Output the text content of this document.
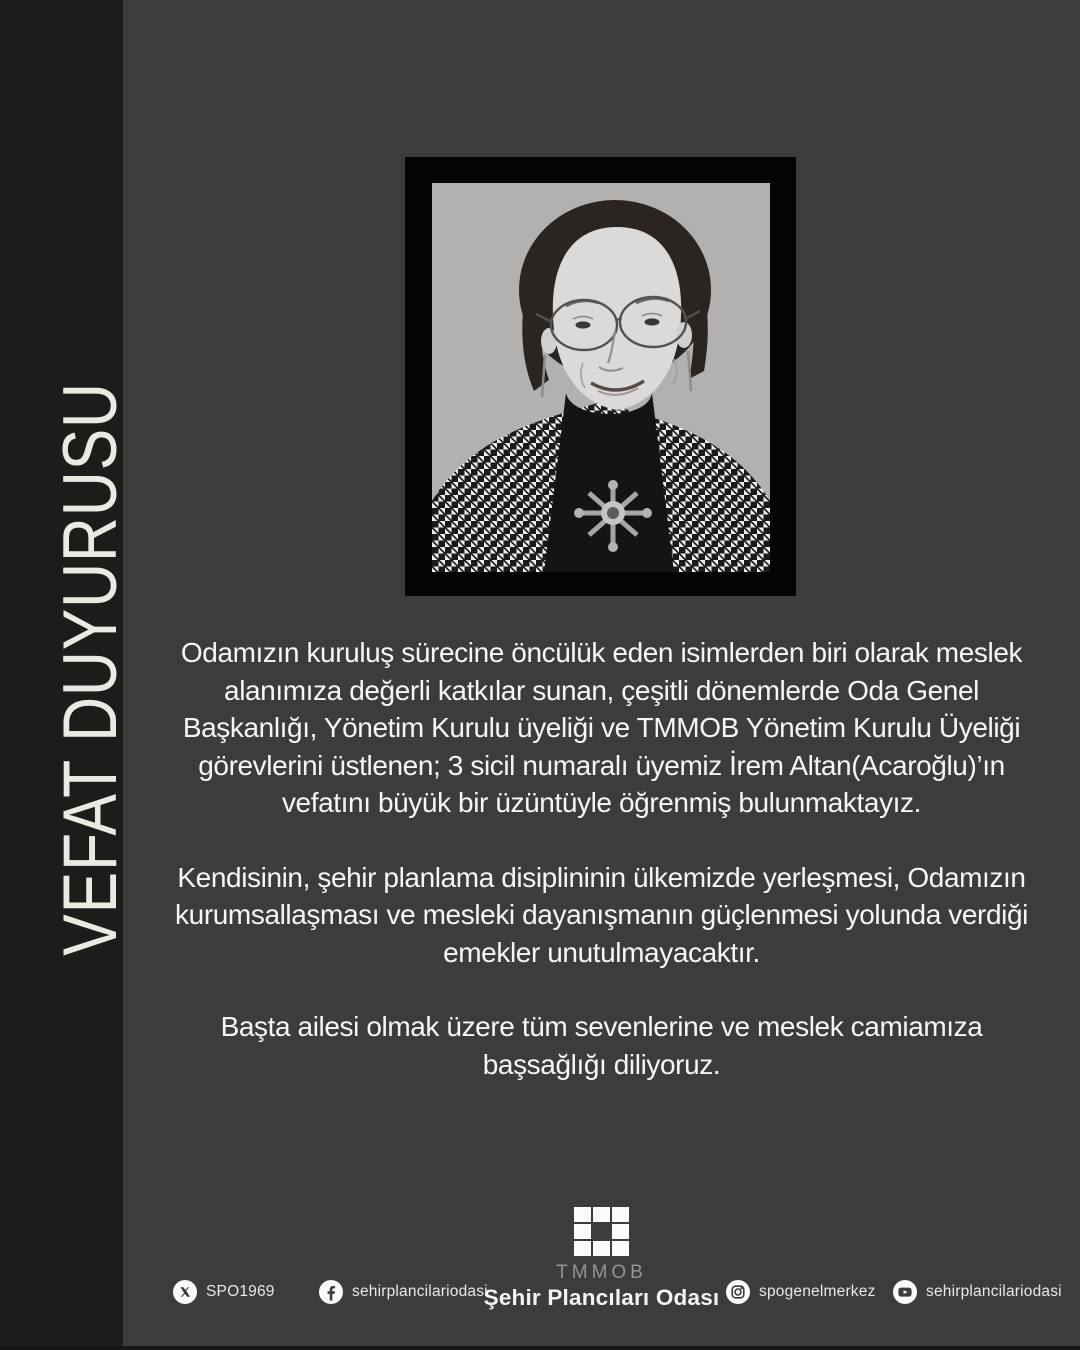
VEFAT DUYURUSU	Odamızın kuruluş sürecine öncülük eden isimlerden biri olarak meslek
alanımıza değerli katkılar sunan, çeşitli dönemlerde Oda Genel
Başkanlığı, Yönetim Kurulu üyeliği ve TMMOB Yönetim Kurulu Üyeliği
görevlerini üstlenen; 3 sicil numaralı üyemiz İrem Altan(Acaroğlu)’ın
vefatını büyük bir üzüntüyle öğrenmiş bulunmaktayız.

Kendisinin, şehir planlama disiplininin ülkemizde yerleşmesi, Odamızın
kurumsallaşması ve mesleki dayanışmanın güçlenmesi yolunda verdiği
emekler unutulmayacaktır.

Başta ailesi olmak üzere tüm sevenlerine ve meslek camiamıza
başsağlığı diliyoruz.

SPO1969	sehirplancilariodasi
TMMOB
Şehir Plancıları Odası	spogenelmerkez	sehirplancilariodasi
